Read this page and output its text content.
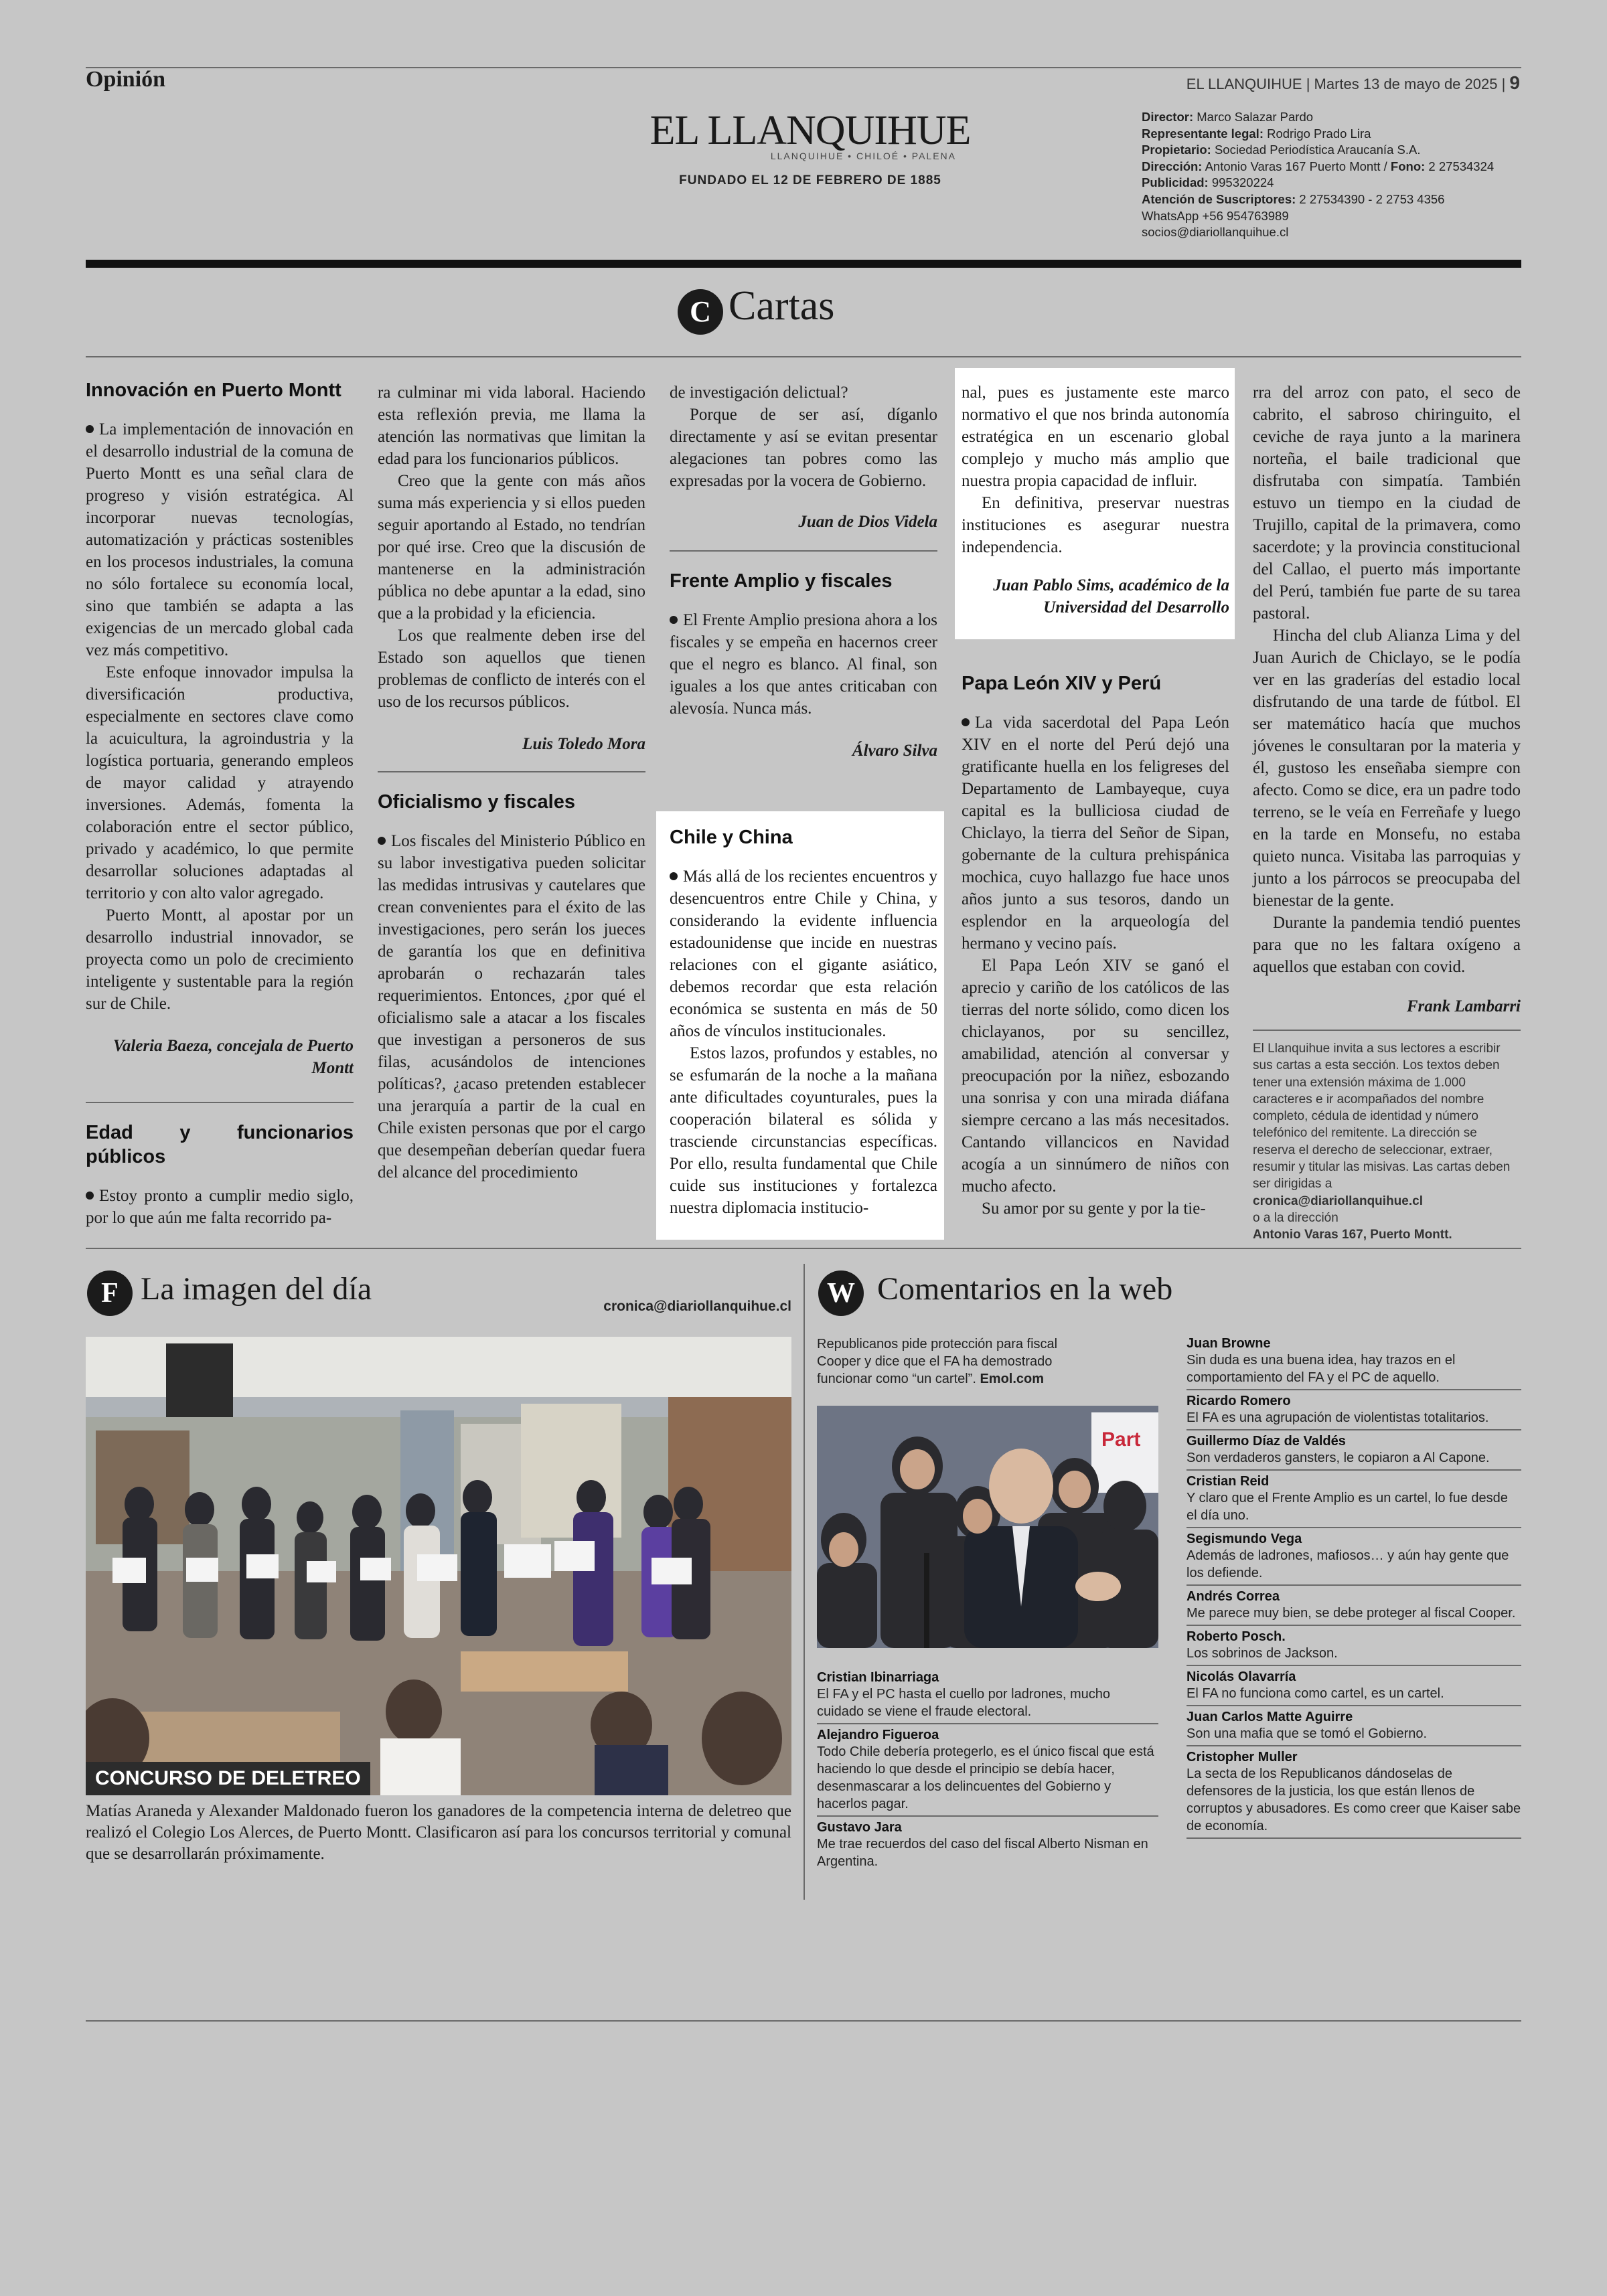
Opinión	EL LLANQUIHUE | Martes 13 de mayo de 2025 | 9
EL LLANQUIHUE
LLANQUIHUE • CHILOÉ • PALENA
FUNDADO EL 12 DE FEBRERO DE 1885
Director: Marco Salazar Pardo
Representante legal: Rodrigo Prado Lira
Propietario: Sociedad Periodística Araucanía S.A.
Dirección: Antonio Varas 167 Puerto Montt / Fono: 2 27534324
Publicidad: 995320224
Atención de Suscriptores: 2 27534390 - 2 2753 4356
WhatsApp +56 954763989
socios@diariollanquihue.cl
C Cartas
Innovación en Puerto Montt

La implementación de innovación en el desarrollo industrial de la comuna de Puerto Montt es una señal clara de progreso y visión estratégica. Al incorporar nuevas tecnologías, automatización y prácticas sostenibles en los procesos industriales, la comuna no sólo fortalece su economía local, sino que también se adapta a las exigencias de un mercado global cada vez más competitivo.

Este enfoque innovador impulsa la diversificación productiva, especialmente en sectores clave como la acuicultura, la agroindustria y la logística portuaria, generando empleos de mayor calidad y atrayendo inversiones. Además, fomenta la colaboración entre el sector público, privado y académico, lo que permite desarrollar soluciones adaptadas al territorio y con alto valor agregado.

Puerto Montt, al apostar por un desarrollo industrial innovador, se proyecta como un polo de crecimiento inteligente y sustentable para la región sur de Chile.

Valeria Baeza, concejala de Puerto Montt

Edad y funcionarios públicos

Estoy pronto a cumplir medio siglo, por lo que aún me falta recorrido pa-

ra culminar mi vida laboral. Haciendo esta reflexión previa, me llama la atención las normativas que limitan la edad para los funcionarios públicos.

Creo que la gente con más años suma más experiencia y si ellos pueden seguir aportando al Estado, no tendrían por qué irse. Creo que la discusión de mantenerse en la administración pública no debe apuntar a la edad, sino que a la probidad y la eficiencia.

Los que realmente deben irse del Estado son aquellos que tienen problemas de conflicto de interés con el uso de los recursos públicos.

Luis Toledo Mora

Oficialismo y fiscales

Los fiscales del Ministerio Público en su labor investigativa pueden solicitar las medidas intrusivas y cautelares que crean convenientes para el éxito de las investigaciones, pero serán los jueces de garantía los que en definitiva aprobarán o rechazarán tales requerimientos. Entonces, ¿por qué el oficialismo sale a atacar a los fiscales que investigan a personeros de sus filas, acusándolos de intenciones políticas?, ¿acaso pretenden establecer una jerarquía a partir de la cual en Chile existen personas que por el cargo que desempeñan deberían quedar fuera del alcance del procedimiento

de investigación delictual?

Porque de ser así, díganlo directamente y así se evitan presentar alegaciones tan pobres como las expresadas por la vocera de Gobierno.

Juan de Dios Videla

Frente Amplio y fiscales

El Frente Amplio presiona ahora a los fiscales y se empeña en hacernos creer que el negro es blanco. Al final, son iguales a los que antes criticaban con alevosía. Nunca más.

Álvaro Silva

Chile y China

Más allá de los recientes encuentros y desencuentros entre Chile y China, y considerando la evidente influencia estadounidense que incide en nuestras relaciones con el gigante asiático, debemos recordar que esta relación económica se sustenta en más de 50 años de vínculos institucionales.

Estos lazos, profundos y estables, no se esfumarán de la noche a la mañana ante dificultades coyunturales, pues la cooperación bilateral es sólida y trasciende circunstancias específicas. Por ello, resulta fundamental que Chile cuide sus instituciones y fortalezca nuestra diplomacia institucio-

nal, pues es justamente este marco normativo el que nos brinda autonomía estratégica en un escenario global complejo y mucho más amplio que nuestra propia capacidad de influir.

En definitiva, preservar nuestras instituciones es asegurar nuestra independencia.

Juan Pablo Sims, académico de la Universidad del Desarrollo

Papa León XIV y Perú

La vida sacerdotal del Papa León XIV en el norte del Perú dejó una gratificante huella en los feligreses del Departamento de Lambayeque, cuya capital es la bulliciosa ciudad de Chiclayo, la tierra del Señor de Sipan, gobernante de la cultura prehispánica mochica, cuyo hallazgo fue hace unos años junto a sus tesoros, dando un esplendor en la arqueología del hermano y vecino país.

El Papa León XIV se ganó el aprecio y cariño de los católicos de las tierras del norte sólido, como dicen los chiclayanos, por su sencillez, amabilidad, atención al conversar y preocupación por la niñez, esbozando una sonrisa y con una mirada diáfana siempre cercano a las más necesitados. Cantando villancicos en Navidad acogía a un sinnúmero de niños con mucho afecto.

Su amor por su gente y por la tie-

rra del arroz con pato, el seco de cabrito, el sabroso chiringuito, el ceviche de raya junto a la marinera norteña, el baile tradicional que disfrutaba con simpatía. También estuvo un tiempo en la ciudad de Trujillo, capital de la primavera, como sacerdote; y la provincia constitucional del Callao, el puerto más importante del Perú, también fue parte de su tarea pastoral.

Hincha del club Alianza Lima y del Juan Aurich de Chiclayo, se le podía ver en las graderías del estadio local disfrutando de una tarde de fútbol. El ser matemático hacía que muchos jóvenes le consultaran por la materia y él, gustoso les enseñaba siempre con afecto. Como se dice, era un padre todo terreno, se le veía en Ferreñafe y luego en la tarde en Monsefu, no estaba quieto nunca. Visitaba las parroquias y junto a los párrocos se preocupaba del bienestar de la gente.

Durante la pandemia tendió puentes para que no les faltara oxígeno a aquellos que estaban con covid.

Frank Lambarri

El Llanquihue invita a sus lectores a escribir sus cartas a esta sección. Los textos deben tener una extensión máxima de 1.000 caracteres e ir acompañados del nombre completo, cédula de identidad y número telefónico del remitente. La dirección se reserva el derecho de seleccionar, extraer, resumir y titular las misivas. Las cartas deben ser dirigidas a
cronica@diariollanquihue.cl
o a la dirección
Antonio Varas 167, Puerto Montt.
F La imagen del día	cronica@diariollanquihue.cl
CONCURSO DE DELETREO
Matías Araneda y Alexander Maldonado fueron los ganadores de la competencia interna de deletreo que realizó el Colegio Los Alerces, de Puerto Montt. Clasificaron así para los concursos territorial y comunal que se desarrollarán próximamente.
W Comentarios en la web
Republicanos pide protección para fiscal Cooper y dice que el FA ha demostrado funcionar como “un cartel”. Emol.com
Part
Cristian Ibinarriaga
El FA y el PC hasta el cuello por ladrones, mucho cuidado se viene el fraude electoral.
Alejandro Figueroa
Todo Chile debería protegerlo, es el único fiscal que está haciendo lo que desde el principio se debía hacer, desenmascarar a los delincuentes del Gobierno y hacerlos pagar.
Gustavo Jara
Me trae recuerdos del caso del fiscal Alberto Nisman en Argentina.
Juan Browne
Sin duda es una buena idea, hay trazos en el comportamiento del FA y el PC de aquello.
Ricardo Romero
El FA es una agrupación de violentistas totalitarios.
Guillermo Díaz de Valdés
Son verdaderos gansters, le copiaron a Al Capone.
Cristian Reid
Y claro que el Frente Amplio es un cartel, lo fue desde el día uno.
Segismundo Vega
Además de ladrones, mafiosos… y aún hay gente que los defiende.
Andrés Correa
Me parece muy bien, se debe proteger al fiscal Cooper.
Roberto Posch.
Los sobrinos de Jackson.
Nicolás Olavarría
El FA no funciona como cartel, es un cartel.
Juan Carlos Matte Aguirre
Son una mafia que se tomó el Gobierno.
Cristopher Muller
La secta de los Republicanos dándoselas de defensores de la justicia, los que están llenos de corruptos y abusadores. Es como creer que Kaiser sabe de economía.
